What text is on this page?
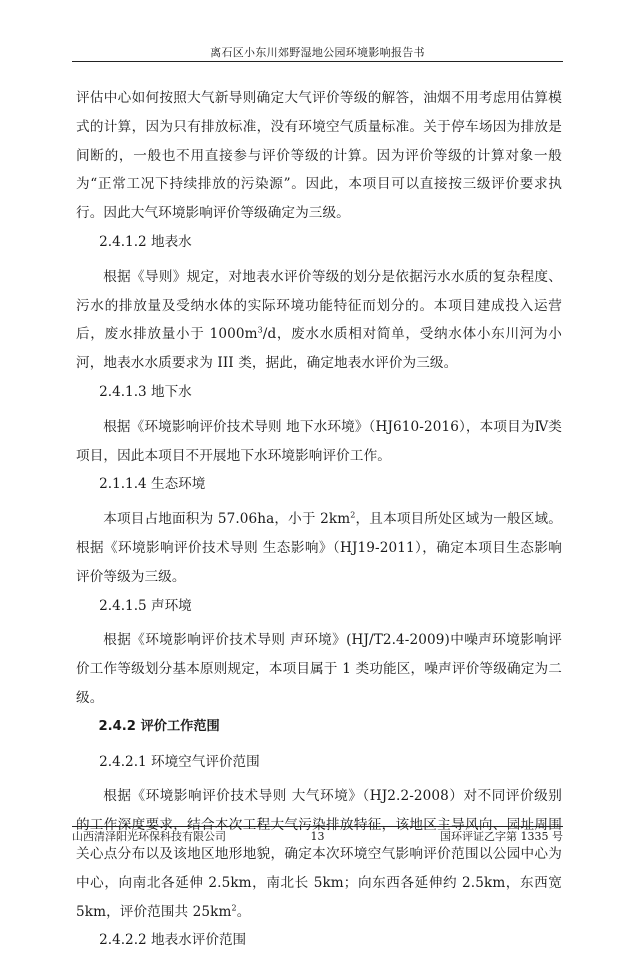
离石区小东川郊野湿地公园环境影响报告书

评估中心如何按照大气新导则确定大气评价等级的解答，油烟不用考虑用估算模式的计算，因为只有排放标准，没有环境空气质量标准。关于停车场因为排放是间断的，一般也不用直接参与评价等级的计算。因为评价等级的计算对象一般为“正常工况下持续排放的污染源”。因此，本项目可以直接按三级评价要求执行。因此大气环境影响评价等级确定为三级。

2.4.1.2 地表水

根据《导则》规定，对地表水评价等级的划分是依据污水水质的复杂程度、污水的排放量及受纳水体的实际环境功能特征而划分的。本项目建成投入运营后，废水排放量小于 $1000m^3/d$，废水水质相对简单，受纳水体小东川河为小河，地表水水质要求为 III 类，据此，确定地表水评价为三级。

2.4.1.3 地下水

根据《环境影响评价技术导则 地下水环境》（HJ610-2016），本项目为Ⅳ类项目，因此本项目不开展地下水环境影响评价工作。

2.1.1.4 生态环境

本项目占地面积为 57.06ha，小于 $2km^2$，且本项目所处区域为一般区域。根据《环境影响评价技术导则 生态影响》（HJ19-2011），确定本项目生态影响评价等级为三级。

2.4.1.5 声环境

根据《环境影响评价技术导则 声环境》(HJ/T2.4-2009)中噪声环境影响评价工作等级划分基本原则规定，本项目属于 1 类功能区，噪声评价等级确定为二级。

2.4.2 评价工作范围

2.4.2.1 环境空气评价范围

根据《环境影响评价技术导则 大气环境》（HJ2.2-2008）对不同评价级别的工作深度要求，结合本次工程大气污染排放特征，该地区主导风向、园址周围关心点分布以及该地区地形地貌，确定本次环境空气影响评价范围以公园中心为中心，向南北各延伸 2.5km，南北长 5km；向东西各延伸约 2.5km，东西宽 5km，评价范围共 $25km^2$。

2.4.2.2 地表水评价范围

山西清泽阳光环保科技有限公司	13	国环评证乙字第 1335 号
